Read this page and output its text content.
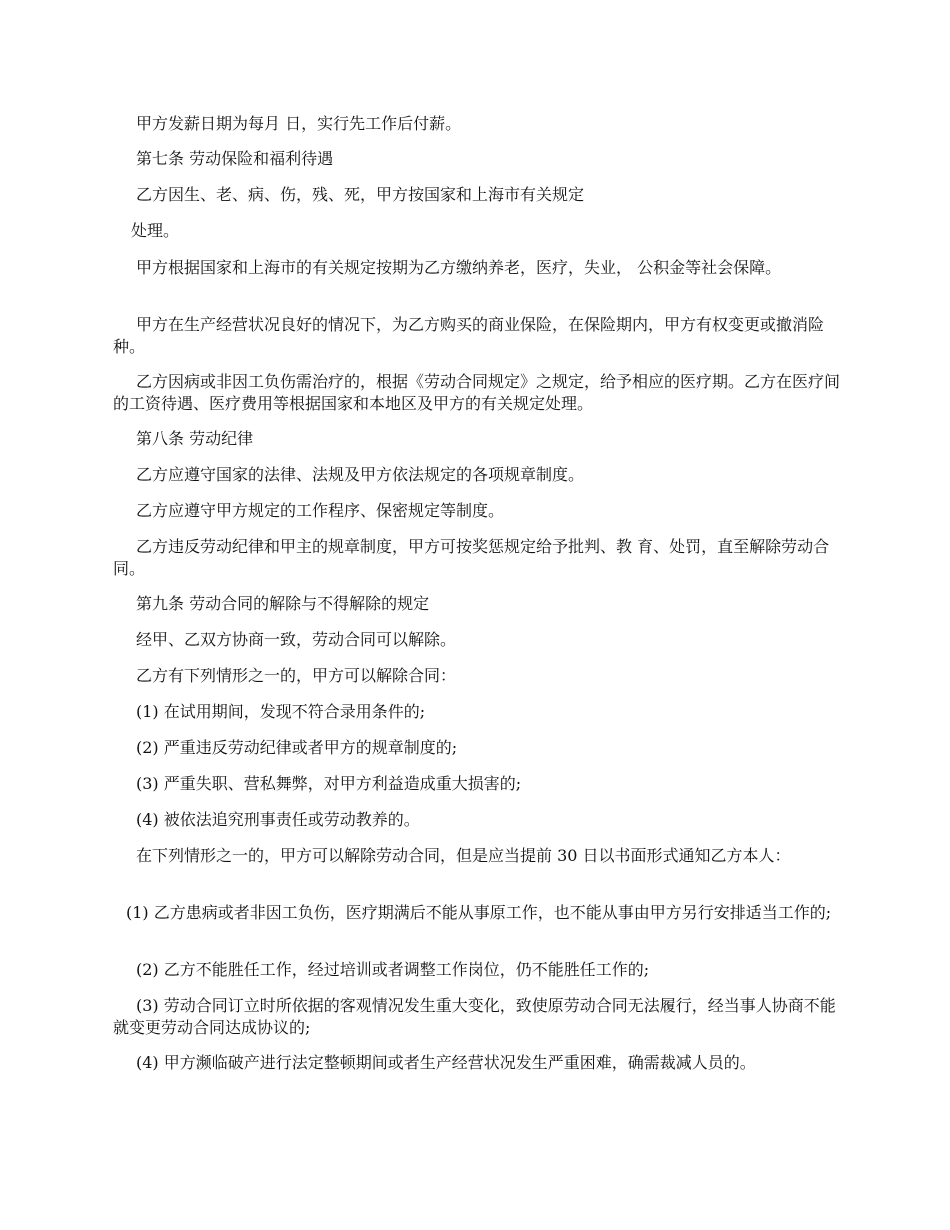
甲方发薪日期为每月 日，实行先工作后付薪。

第七条 劳动保险和福利待遇

乙方因生、老、病、伤，残、死，甲方按国家和上海市有关规定

处理。

甲方根据国家和上海市的有关规定按期为乙方缴纳养老，医疗，失业， 公积金等社会保障。

甲方在生产经营状况良好的情况下，为乙方购买的商业保险，在保险期内，甲方有权变更或撤消险种。

乙方因病或非因工负伤需治疗的，根据《劳动合同规定》之规定，给予相应的医疗期。乙方在医疗间的工资待遇、医疗费用等根据国家和本地区及甲方的有关规定处理。

第八条 劳动纪律

乙方应遵守国家的法律、法规及甲方依法规定的各项规章制度。

乙方应遵守甲方规定的工作程序、保密规定等制度。

乙方违反劳动纪律和甲主的规章制度，甲方可按奖惩规定给予批判、教 育、处罚，直至解除劳动合同。

第九条 劳动合同的解除与不得解除的规定

经甲、乙双方协商一致，劳动合同可以解除。

乙方有下列情形之一的，甲方可以解除合同：

(1) 在试用期间，发现不符合录用条件的;

(2) 严重违反劳动纪律或者甲方的规章制度的;

(3) 严重失职、营私舞弊，对甲方利益造成重大损害的;

(4) 被依法追究刑事责任或劳动教养的。

在下列情形之一的，甲方可以解除劳动合同，但是应当提前 30 日以书面形式通知乙方本人：

(1) 乙方患病或者非因工负伤，医疗期满后不能从事原工作，也不能从事由甲方另行安排适当工作的;

(2) 乙方不能胜任工作，经过培训或者调整工作岗位，仍不能胜任工作的;

(3) 劳动合同订立时所依据的客观情况发生重大变化，致使原劳动合同无法履行，经当事人协商不能就变更劳动合同达成协议的;

(4) 甲方濒临破产进行法定整顿期间或者生产经营状况发生严重困难，确需裁减人员的。
